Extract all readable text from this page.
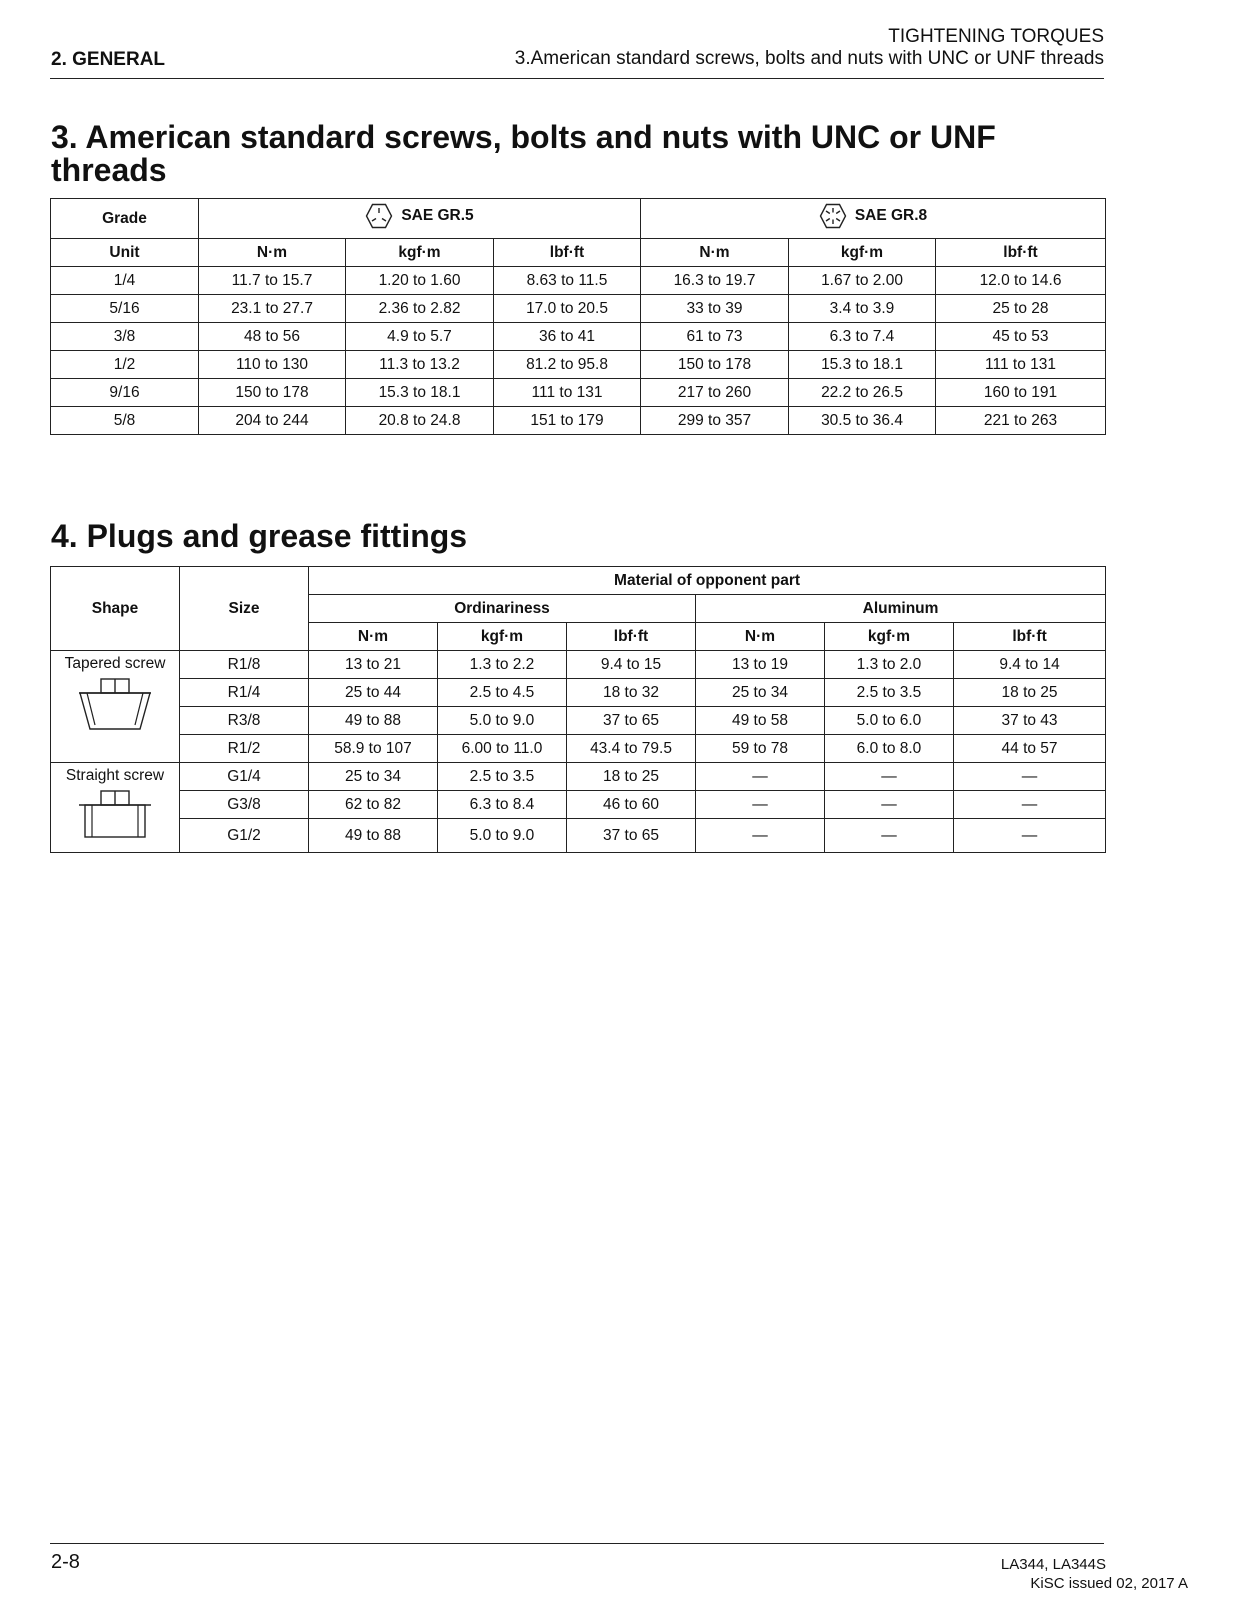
2. GENERAL
TIGHTENING TORQUES
3.American standard screws, bolts and nuts with UNC or UNF threads
3. American standard screws, bolts and nuts with UNC or UNF
threads
Grade	SAE GR.5			SAE GR.8		

Unit	N·m	kgf·m	lbf·ft	N·m	kgf·m	lbf·ft
1/4	11.7 to 15.7	1.20 to 1.60	8.63 to 11.5	16.3 to 19.7	1.67 to 2.00	12.0 to 14.6
5/16	23.1 to 27.7	2.36 to 2.82	17.0 to 20.5	33 to 39	3.4 to 3.9	25 to 28
3/8	48 to 56	4.9 to 5.7	36 to 41	61 to 73	6.3 to 7.4	45 to 53
1/2	110 to 130	11.3 to 13.2	81.2 to 95.8	150 to 178	15.3 to 18.1	111 to 131
9/16	150 to 178	15.3 to 18.1	111 to 131	217 to 260	22.2 to 26.5	160 to 191
5/8	204 to 244	20.8 to 24.8	151 to 179	299 to 357	30.5 to 36.4	221 to 263
4. Plugs and grease fittings
Shape	Size	Material of opponent part					
		Ordinariness			Aluminum		
		N·m	kgf·m	lbf·ft	N·m	kgf·m	lbf·ft

Tapered screw	R1/8	13 to 21	1.3 to 2.2	9.4 to 15	13 to 19	1.3 to 2.0	9.4 to 14
	R1/4	25 to 44	2.5 to 4.5	18 to 32	25 to 34	2.5 to 3.5	18 to 25
	R3/8	49 to 88	5.0 to 9.0	37 to 65	49 to 58	5.0 to 6.0	37 to 43
	R1/2	58.9 to 107	6.00 to 11.0	43.4 to 79.5	59 to 78	6.0 to 8.0	44 to 57

Straight screw	G1/4	25 to 34	2.5 to 3.5	18 to 25	—	—	—
	G3/8	62 to 82	6.3 to 8.4	46 to 60	—	—	—
	G1/2	49 to 88	5.0 to 9.0	37 to 65	—	—	—
2-8	LA344, LA344S
KiSC issued 02, 2017 A
